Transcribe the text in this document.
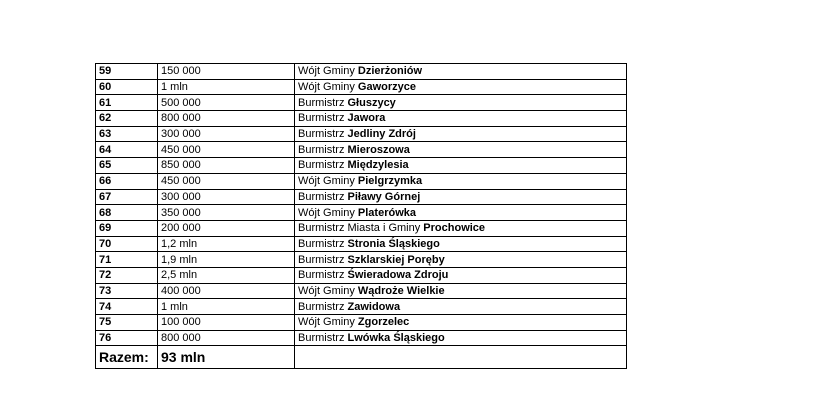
59	150 000	Wójt Gminy Dzierżoniów
60	1 mln	Wójt Gminy Gaworzyce
61	500 000	Burmistrz Głuszycy
62	800 000	Burmistrz Jawora
63	300 000	Burmistrz Jedliny Zdrój
64	450 000	Burmistrz Mieroszowa
65	850 000	Burmistrz Międzylesia
66	450 000	Wójt Gminy Pielgrzymka
67	300 000	Burmistrz Piławy Górnej
68	350 000	Wójt Gminy Platerówka
69	200 000	Burmistrz Miasta i Gminy Prochowice
70	1,2 mln	Burmistrz Stronia Śląskiego
71	1,9 mln	Burmistrz Szklarskiej Poręby
72	2,5 mln	Burmistrz Świeradowa Zdroju
73	400 000	Wójt Gminy Wądroże Wielkie
74	1 mln	Burmistrz Zawidowa
75	100 000	Wójt Gminy Zgorzelec
76	800 000	Burmistrz Lwówka Śląskiego
Razem:	93 mln	
